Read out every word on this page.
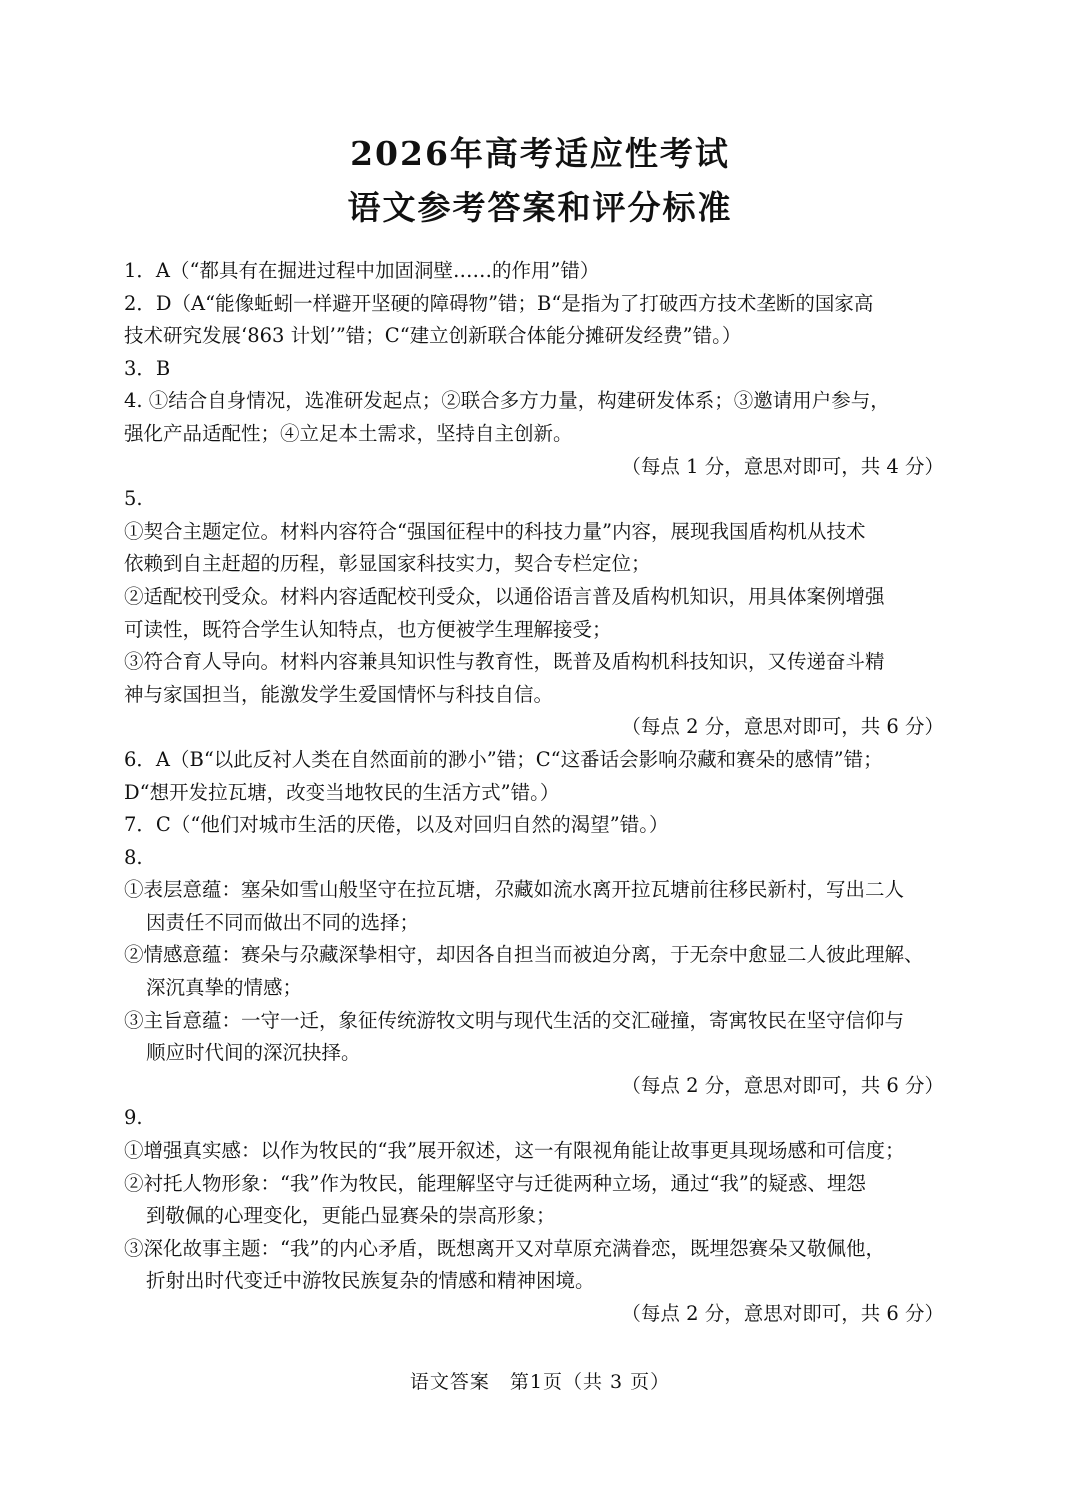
2026年高考适应性考试
语文参考答案和评分标准
1．A（“都具有在掘进过程中加固洞壁……的作用”错）
2．D（A“能像蚯蚓一样避开坚硬的障碍物”错；B“是指为了打破西方技术垄断的国家高
技术研究发展‘863 计划’”错；C“建立创新联合体能分摊研发经费”错。）
3．B
4. ①结合自身情况，选准研发起点；②联合多方力量，构建研发体系；③邀请用户参与，
强化产品适配性；④立足本土需求，坚持自主创新。
（每点 1 分，意思对即可，共 4 分）
5.
①契合主题定位。材料内容符合“强国征程中的科技力量”内容，展现我国盾构机从技术
依赖到自主赶超的历程，彰显国家科技实力，契合专栏定位；
②适配校刊受众。材料内容适配校刊受众，以通俗语言普及盾构机知识，用具体案例增强
可读性，既符合学生认知特点，也方便被学生理解接受；
③符合育人导向。材料内容兼具知识性与教育性，既普及盾构机科技知识，又传递奋斗精
神与家国担当，能激发学生爱国情怀与科技自信。
（每点 2 分，意思对即可，共 6 分）
6．A（B“以此反衬人类在自然面前的渺小”错；C“这番话会影响尕藏和赛朵的感情”错；
D“想开发拉瓦塘，改变当地牧民的生活方式”错。）
7．C（“他们对城市生活的厌倦，以及对回归自然的渴望”错。）
8.
①表层意蕴：塞朵如雪山般坚守在拉瓦塘，尕藏如流水离开拉瓦塘前往移民新村，写出二人
因责任不同而做出不同的选择；
②情感意蕴：赛朵与尕藏深挚相守，却因各自担当而被迫分离，于无奈中愈显二人彼此理解、
深沉真挚的情感；
③主旨意蕴：一守一迁，象征传统游牧文明与现代生活的交汇碰撞，寄寓牧民在坚守信仰与
顺应时代间的深沉抉择。
（每点 2 分，意思对即可，共 6 分）
9.
①增强真实感：以作为牧民的“我”展开叙述，这一有限视角能让故事更具现场感和可信度；
②衬托人物形象：“我”作为牧民，能理解坚守与迁徙两种立场，通过“我”的疑惑、埋怨
到敬佩的心理变化，更能凸显赛朵的崇高形象；
③深化故事主题：“我”的内心矛盾，既想离开又对草原充满眷恋，既埋怨赛朵又敬佩他，
折射出时代变迁中游牧民族复杂的情感和精神困境。
（每点 2 分，意思对即可，共 6 分）
语文答案　第1页（共 3 页）
